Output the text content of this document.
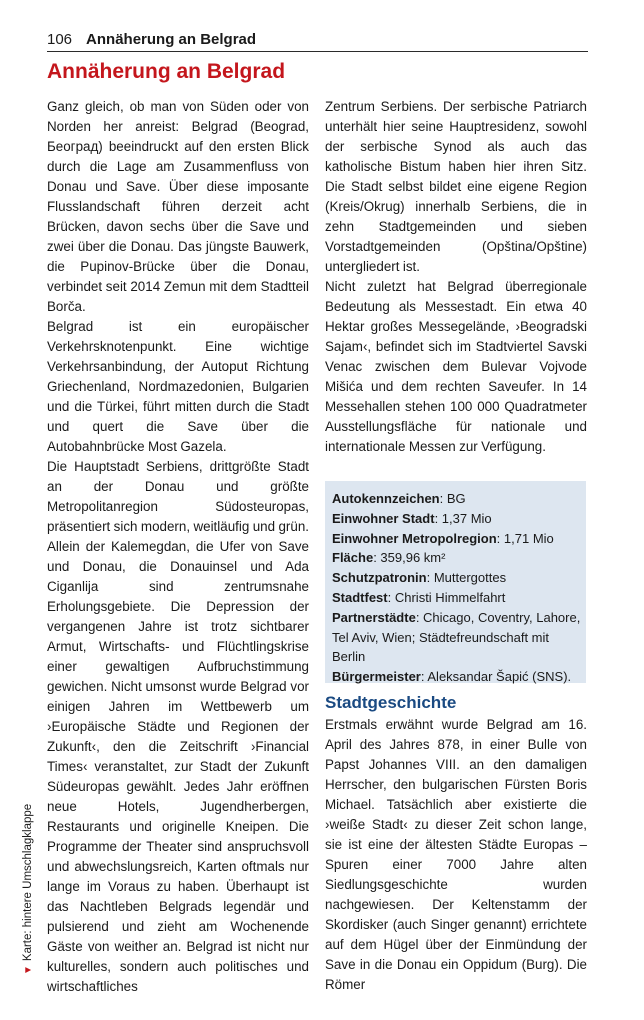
106 Annäherung an Belgrad
Annäherung an Belgrad

Ganz gleich, ob man von Süden oder von Norden her anreist: Belgrad (Beograd, Београд) beeindruckt auf den ersten Blick durch die Lage am Zusammenfluss von Donau und Save. Über diese imposante Flusslandschaft führen derzeit acht Brücken, davon sechs über die Save und zwei über die Donau. Das jüngste Bauwerk, die Pupinov-Brücke über die Donau, verbindet seit 2014 Zemun mit dem Stadtteil Borča.

Belgrad ist ein europäischer Verkehrsknotenpunkt. Eine wichtige Verkehrsanbindung, der Autoput Richtung Griechenland, Nordmazedonien, Bulgarien und die Türkei, führt mitten durch die Stadt und quert die Save über die Autobahnbrücke Most Gazela.

Die Hauptstadt Serbiens, drittgrößte Stadt an der Donau und größte Metropolitanregion Südosteuropas, präsentiert sich modern, weitläufig und grün. Allein der Kalemegdan, die Ufer von Save und Donau, die Donauinsel und Ada Ciganlija sind zentrumsnahe Erholungsgebiete. Die Depression der vergangenen Jahre ist trotz sichtbarer Armut, Wirtschafts- und Flüchtlingskrise einer gewaltigen Aufbruchstimmung gewichen. Nicht umsonst wurde Belgrad vor einigen Jahren im Wettbewerb um ›Europäische Städte und Regionen der Zukunft‹, den die Zeitschrift ›Financial Times‹ veranstaltet, zur Stadt der Zukunft Südeuropas gewählt. Jedes Jahr eröffnen neue Hotels, Jugendherbergen, Restaurants und originelle Kneipen. Die Programme der Theater sind anspruchsvoll und abwechslungsreich, Karten oftmals nur lange im Voraus zu haben. Überhaupt ist das Nachtleben Belgrads legendär und pulsierend und zieht am Wochenende Gäste von weither an. Belgrad ist nicht nur kulturelles, sondern auch politisches und wirtschaftliches

Zentrum Serbiens. Der serbische Patriarch unterhält hier seine Hauptresidenz, sowohl der serbische Synod als auch das katholische Bistum haben hier ihren Sitz. Die Stadt selbst bildet eine eigene Region (Kreis/Okrug) innerhalb Serbiens, die in zehn Stadtgemeinden und sieben Vorstadtgemeinden (Opština/Opštine) untergliedert ist.

Nicht zuletzt hat Belgrad überregionale Bedeutung als Messestadt. Ein etwa 40 Hektar großes Messegelände, ›Beogradski Sajam‹, befindet sich im Stadtviertel Savski Venac zwischen dem Bulevar Vojvode Mišića und dem rechten Saveufer. In 14 Messehallen stehen 100 000 Quadratmeter Ausstellungsfläche für nationale und internationale Messen zur Verfügung.

Autokennzeichen: BG
Einwohner Stadt: 1,37 Mio
Einwohner Metropolregion: 1,71 Mio
Fläche: 359,96 km²
Schutzpatronin: Muttergottes
Stadtfest: Christi Himmelfahrt
Partnerstädte: Chicago, Coventry, Lahore, Tel Aviv, Wien; Städtefreundschaft mit Berlin
Bürgermeister: Aleksandar Šapić (SNS).
Stadtgeschichte

Erstmals erwähnt wurde Belgrad am 16. April des Jahres 878, in einer Bulle von Papst Johannes VIII. an den damaligen Herrscher, den bulgarischen Fürsten Boris Michael. Tatsächlich aber existierte die ›weiße Stadt‹ zu dieser Zeit schon lange, sie ist eine der ältesten Städte Europas – Spuren einer 7000 Jahre alten Siedlungsgeschichte wurden nachgewiesen. Der Keltenstamm der Skordisker (auch Singer genannt) errichtete auf dem Hügel über der Einmündung der Save in die Donau ein Oppidum (Burg). Die Römer

▼Karte: hintere Umschlagklappe
